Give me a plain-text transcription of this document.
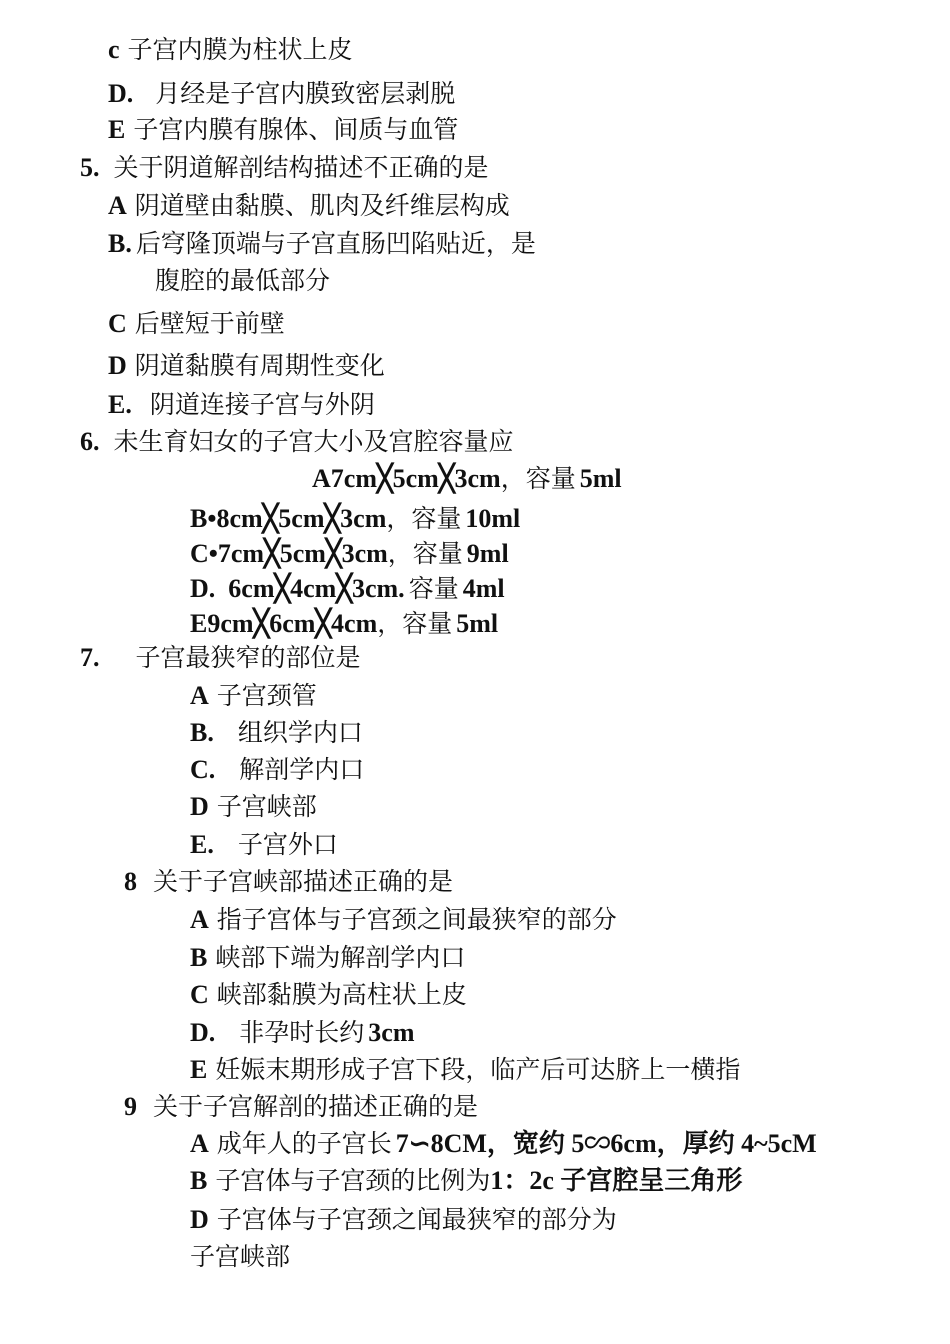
c 子宫内膜为柱状上皮
D. 月经是子宫内膜致密层剥脱
E 子宫内膜有腺体、间质与血管
5. 关于阴道解剖结构描述不正确的是
A 阴道壁由黏膜、肌肉及纤维层构成
B. 后穹隆顶端与子宫直肠凹陷贴近，是
腹腔的最低部分
C 后壁短于前壁
D 阴道黏膜有周期性变化
E. 阴道连接子宫与外阴
6. 未生育妇女的子宫大小及宫腔容量应
A7cm╳5cm╳3cm，容量 5ml
B•8cm╳5cm╳3cm，容量 10ml
C•7cm╳5cm╳3cm，容量 9ml
D.  6cm╳4cm╳3cm. 容量 4ml
E9cm╳6cm╳4cm，容量 5ml
7. 子宫最狭窄的部位是
A 子宫颈管
B. 组织学内口
C. 解剖学内口
D 子宫峡部
E. 子宫外口
8 关于子宫峡部描述正确的是
A 指子宫体与子宫颈之间最狭窄的部分
B 峡部下端为解剖学内口
C 峡部黏膜为高柱状上皮
D. 非孕时长约 3cm
E 妊娠末期形成子宫下段，临产后可达脐上一横指
9 关于子宫解剖的描述正确的是
A 成年人的子宫长 7∽8CM，宽约 5∽6cm，厚约 4~5cM
B 子宫体与子宫颈的比例为1：2c 子宫腔呈三角形
D 子宫体与子宫颈之闻最狭窄的部分为
子宫峡部
